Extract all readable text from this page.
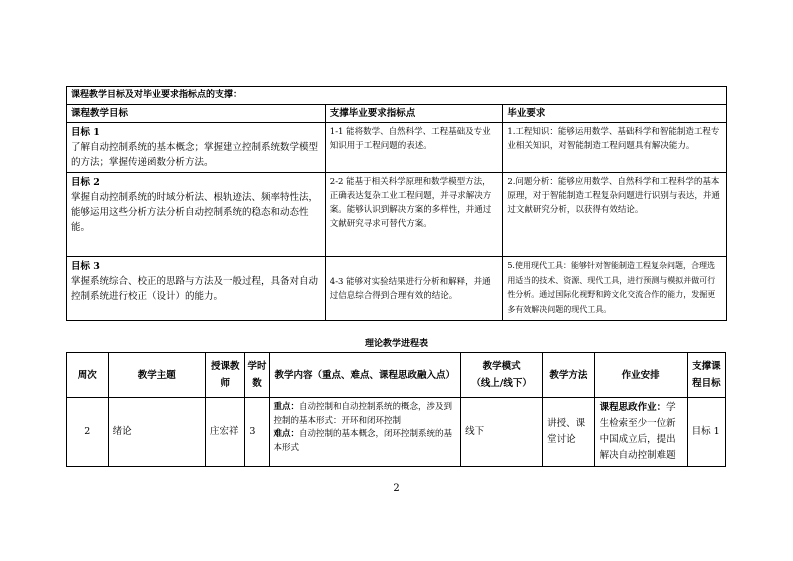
课程教学目标及对毕业要求指标点的支撑：		
课程教学目标	支撑毕业要求指标点	毕业要求

目标 1
了解自动控制系统的基本概念；掌握建立控制系统数学模型的方法；掌握传递函数分析方法。	1-1 能将数学、自然科学、工程基础及专业知识用于工程问题的表述。	1.工程知识：能够运用数学、基础科学和智能制造工程专业相关知识，对智能制造工程问题具有解决能力。

目标 2
掌握自动控制系统的时域分析法、根轨迹法、频率特性法，能够运用这些分析方法分析自动控制系统的稳态和动态性能。	2-2 能基于相关科学原理和数学模型方法，正确表达复杂工业工程问题，并寻求解决方案。能够认识到解决方案的多样性，并通过文献研究寻求可替代方案。	2.问题分析：能够应用数学、自然科学和工程科学的基本原理，对于智能制造工程复杂问题进行识别与表达，并通过文献研究分析，以获得有效结论。

目标 3
掌握系统综合、校正的思路与方法及一般过程，具备对自动控制系统进行校正（设计）的能力。	4-3 能够对实验结果进行分析和解释，并通过信息综合得到合理有效的结论。	5.使用现代工具：能够针对智能制造工程复杂问题，合理选用适当的技术、资源、现代工具，进行预测与模拟并做可行性分析。通过国际化视野和跨文化交流合作的能力，发掘更多有效解决问题的现代工具。
理论教学进程表
周次	教学主题	授课教师	学时数	教学内容（重点、难点、课程思政融入点）	教学模式
（线上/线下）	教学方法	作业安排	支撑课程目标
2	绪论	庄宏祥	3	重点：自动控制和自动控制系统的概念，涉及到控制的基本形式：开环和闭环控制
难点：自动控制的基本概念，闭环控制系统的基本形式	线下	讲授、课堂讨论	课程思政作业：学生检索至少一位新中国成立后，提出解决自动控制难题	目标 1
2
